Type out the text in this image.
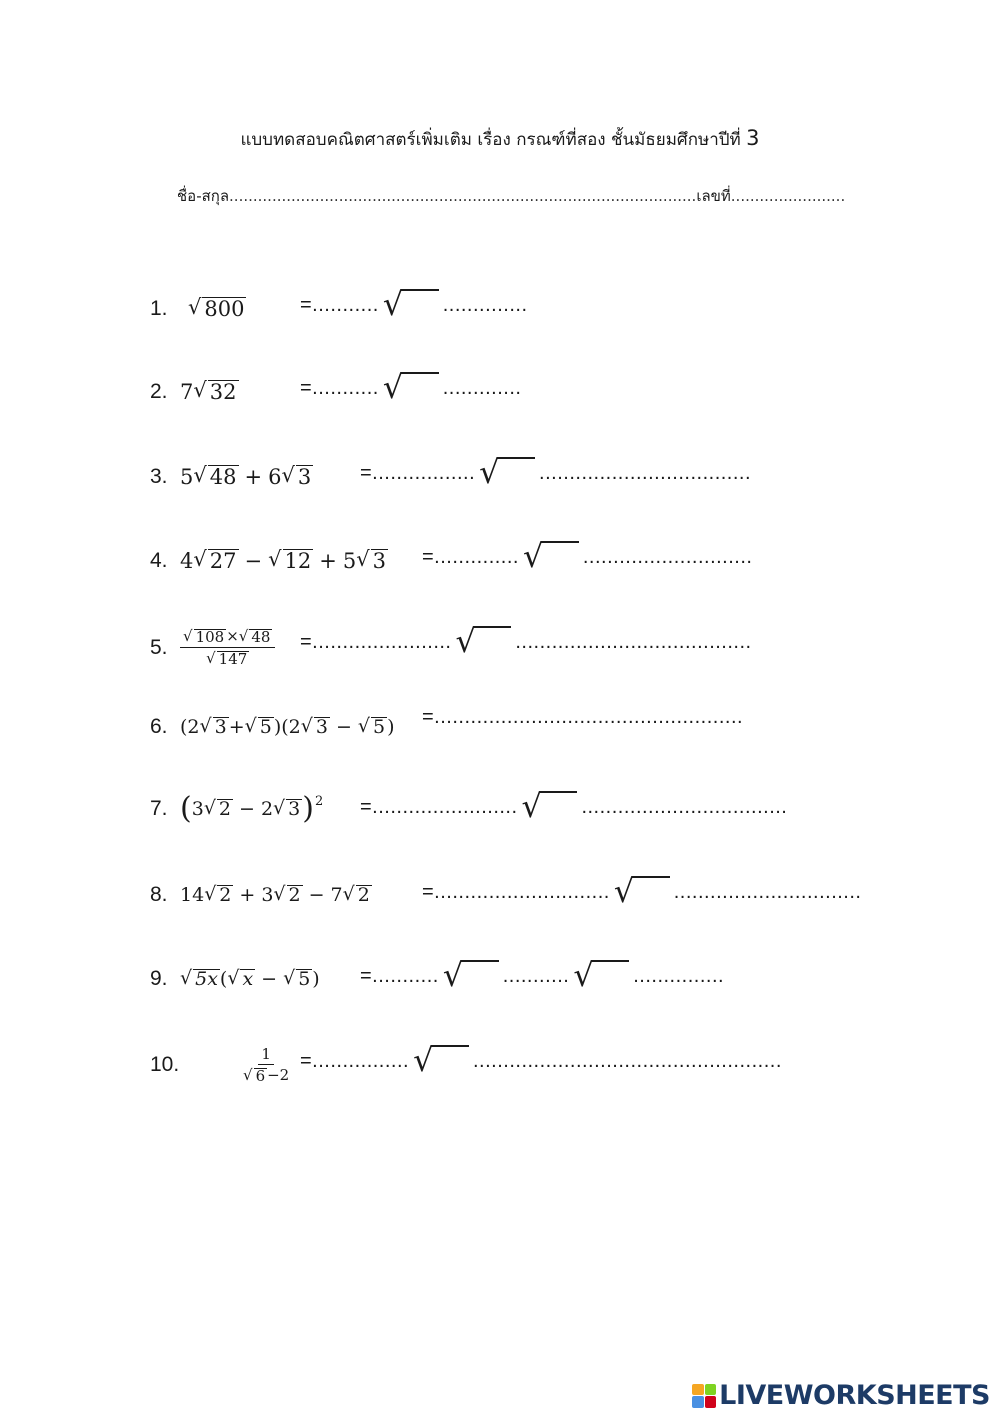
แบบทดสอบคณิตศาสตร์เพิ่มเติม เรื่อง กรณฑ์ที่สอง ชั้นมัธยมศึกษาปีที่ 3
ชื่อ-สกุล..................................................................................................เลขที่........................
1. √ 800	=........... √ ..............
2. 7 √ 32	=........... √ .............
3. 5 √ 48 + 6 √ 3 =................. √ ...................................
4. 4 √ 27 − √ 12 + 5 √ 3 =.............. √ ............................
5. $\frac{√ 108 \times √ 48}{√ 147}$ =....................... √ .......................................
6. ( 2 √ 3 + √ 5 )( 2 √ 3 − √ 5 ) =...................................................
7. ( 3 √ 2 − 2 √ 3 ) 2 =........................ √ ..................................
8. 14 √ 2 + 3 √ 2 − 7 √ 2	=............................. √ ...............................
9. √ 5x ( √ x − √ 5 ) =........... √ ........... √ ...............
10.	$\frac{1}{√ 6 -2}$ =................ √ ...................................................
LIVEWORKSHEETS
